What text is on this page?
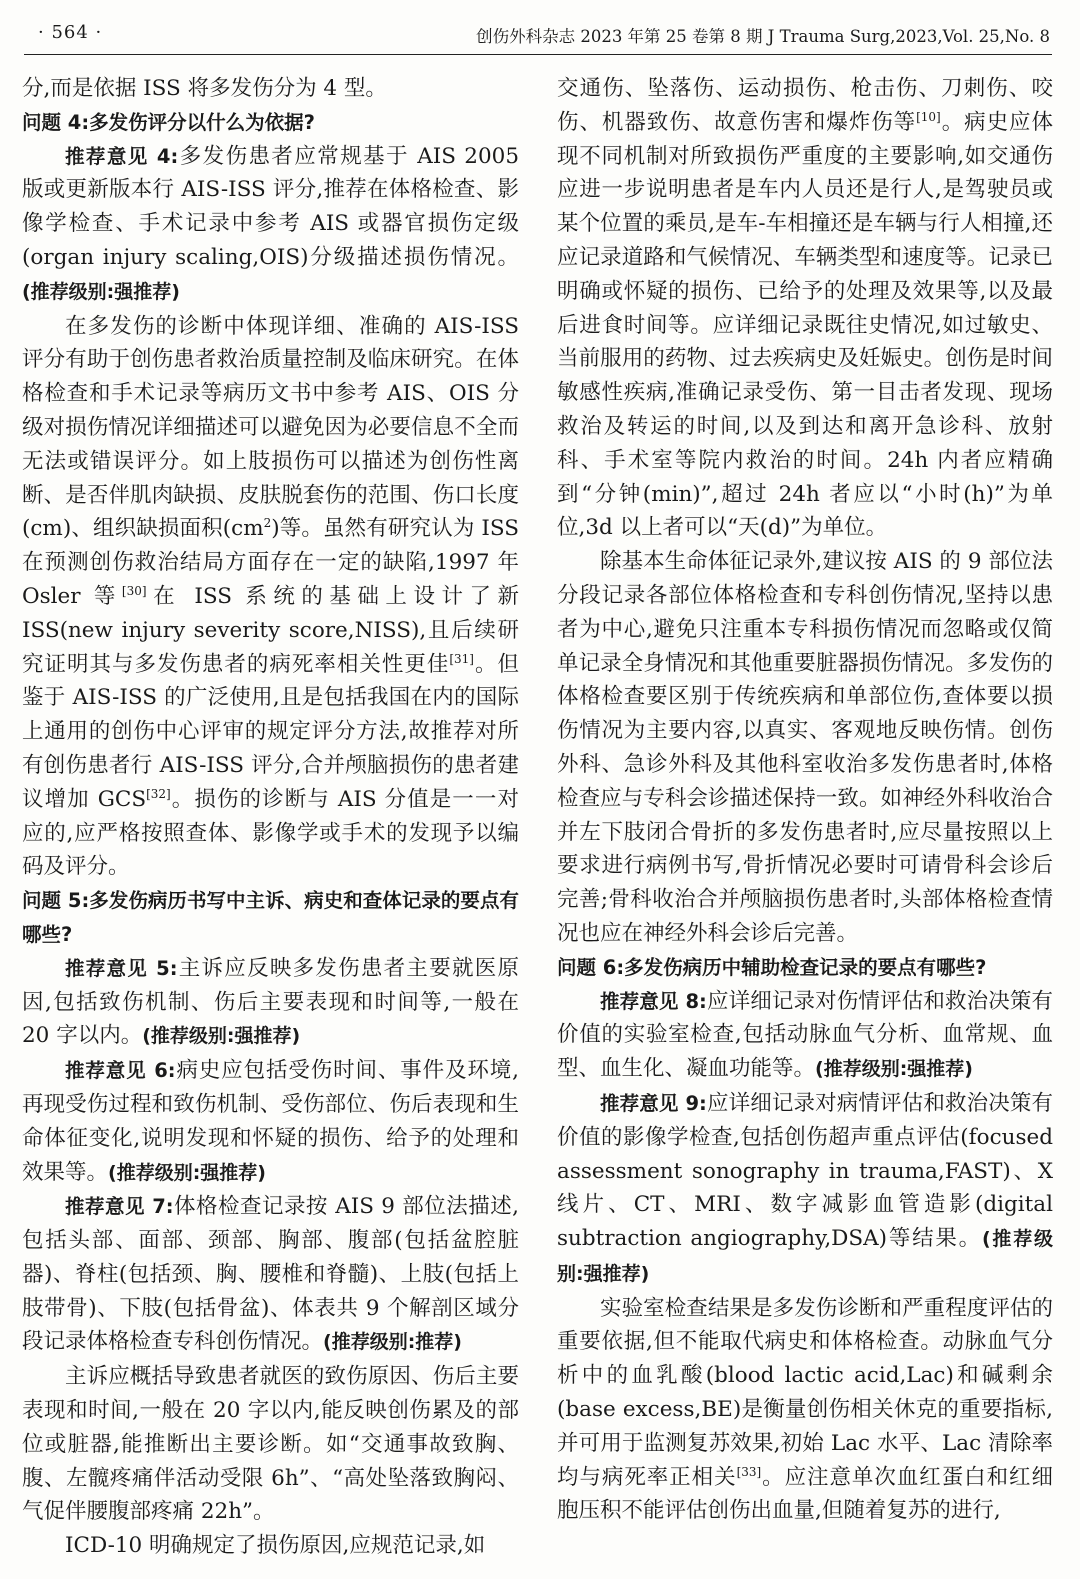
· 564 ·	创伤外科杂志 2023 年第 25 卷第 8 期 J Trauma Surg,2023,Vol. 25,No. 8

分,而是依据 ISS 将多发伤分为 4 型。

问题 4:多发伤评分以什么为依据?

推荐意见 4:多发伤患者应常规基于 AIS 2005 版或更新版本行 AIS-ISS 评分,推荐在体格检查、影像学检查、手术记录中参考 AIS 或器官损伤定级(organ injury scaling,OIS)分级描述损伤情况。(推荐级别:强推荐)

在多发伤的诊断中体现详细、准确的 AIS-ISS 评分有助于创伤患者救治质量控制及临床研究。在体格检查和手术记录等病历文书中参考 AIS、OIS 分级对损伤情况详细描述可以避免因为必要信息不全而无法或错误评分。如上肢损伤可以描述为创伤性离断、是否伴肌肉缺损、皮肤脱套伤的范围、伤口长度(cm)、组织缺损面积$(cm^2)$等。虽然有研究认为 ISS 在预测创伤救治结局方面存在一定的缺陷,1997 年 Osler 等[30]在 ISS 系统的基础上设计了新 ISS(new injury severity score,NISS),且后续研究证明其与多发伤患者的病死率相关性更佳[31]。但鉴于 AIS-ISS 的广泛使用,且是包括我国在内的国际上通用的创伤中心评审的规定评分方法,故推荐对所有创伤患者行 AIS-ISS 评分,合并颅脑损伤的患者建议增加 GCS[32]。损伤的诊断与 AIS 分值是一一对应的,应严格按照查体、影像学或手术的发现予以编码及评分。

问题 5:多发伤病历书写中主诉、病史和查体记录的要点有哪些?

推荐意见 5:主诉应反映多发伤患者主要就医原因,包括致伤机制、伤后主要表现和时间等,一般在 20 字以内。(推荐级别:强推荐)

推荐意见 6:病史应包括受伤时间、事件及环境,再现受伤过程和致伤机制、受伤部位、伤后表现和生命体征变化,说明发现和怀疑的损伤、给予的处理和效果等。(推荐级别:强推荐)

推荐意见 7:体格检查记录按 AIS 9 部位法描述,包括头部、面部、颈部、胸部、腹部(包括盆腔脏器)、脊柱(包括颈、胸、腰椎和脊髓)、上肢(包括上肢带骨)、下肢(包括骨盆)、体表共 9 个解剖区域分段记录体格检查专科创伤情况。(推荐级别:推荐)

主诉应概括导致患者就医的致伤原因、伤后主要表现和时间,一般在 20 字以内,能反映创伤累及的部位或脏器,能推断出主要诊断。如“交通事故致胸、腹、左髋疼痛伴活动受限 6h”、“高处坠落致胸闷、气促伴腰腹部疼痛 22h”。

ICD-10 明确规定了损伤原因,应规范记录,如

交通伤、坠落伤、运动损伤、枪击伤、刀刺伤、咬伤、机器致伤、故意伤害和爆炸伤等[10]。病史应体现不同机制对所致损伤严重度的主要影响,如交通伤应进一步说明患者是车内人员还是行人,是驾驶员或某个位置的乘员,是车-车相撞还是车辆与行人相撞,还应记录道路和气候情况、车辆类型和速度等。记录已明确或怀疑的损伤、已给予的处理及效果等,以及最后进食时间等。应详细记录既往史情况,如过敏史、当前服用的药物、过去疾病史及妊娠史。创伤是时间敏感性疾病,准确记录受伤、第一目击者发现、现场救治及转运的时间,以及到达和离开急诊科、放射科、手术室等院内救治的时间。24h 内者应精确到“分钟(min)”,超过 24h 者应以“小时(h)”为单位,3d 以上者可以“天(d)”为单位。

除基本生命体征记录外,建议按 AIS 的 9 部位法分段记录各部位体格检查和专科创伤情况,坚持以患者为中心,避免只注重本专科损伤情况而忽略或仅简单记录全身情况和其他重要脏器损伤情况。多发伤的体格检查要区别于传统疾病和单部位伤,查体要以损伤情况为主要内容,以真实、客观地反映伤情。创伤外科、急诊外科及其他科室收治多发伤患者时,体格检查应与专科会诊描述保持一致。如神经外科收治合并左下肢闭合骨折的多发伤患者时,应尽量按照以上要求进行病例书写,骨折情况必要时可请骨科会诊后完善;骨科收治合并颅脑损伤患者时,头部体格检查情况也应在神经外科会诊后完善。

问题 6:多发伤病历中辅助检查记录的要点有哪些?

推荐意见 8:应详细记录对伤情评估和救治决策有价值的实验室检查,包括动脉血气分析、血常规、血型、血生化、凝血功能等。(推荐级别:强推荐)

推荐意见 9:应详细记录对病情评估和救治决策有价值的影像学检查,包括创伤超声重点评估(focused assessment sonography in trauma,FAST)、X 线片、CT、MRI、数字减影血管造影(digital subtraction angiography,DSA)等结果。(推荐级别:强推荐)

实验室检查结果是多发伤诊断和严重程度评估的重要依据,但不能取代病史和体格检查。动脉血气分析中的血乳酸(blood lactic acid,Lac)和碱剩余(base excess,BE)是衡量创伤相关休克的重要指标,并可用于监测复苏效果,初始 Lac 水平、Lac 清除率均与病死率正相关[33]。应注意单次血红蛋白和红细胞压积不能评估创伤出血量,但随着复苏的进行,
